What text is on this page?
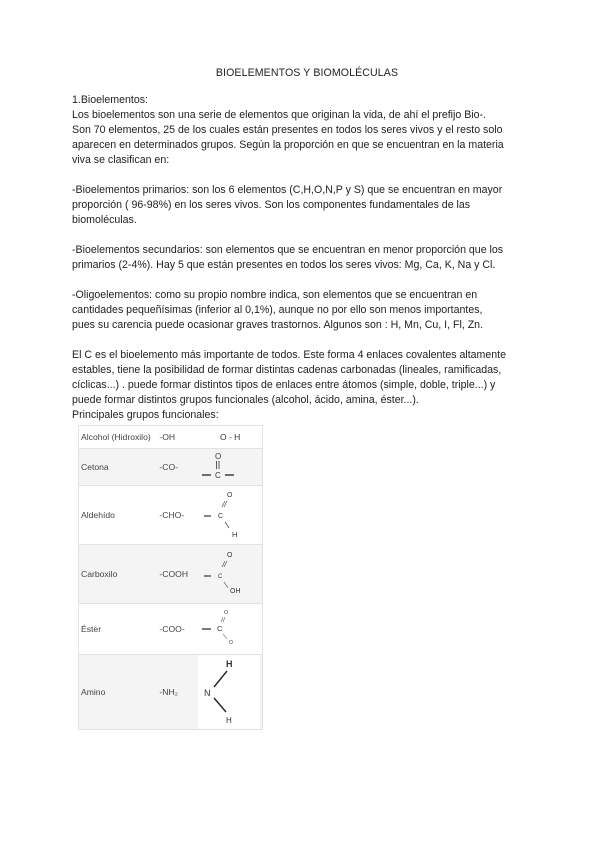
BIOELEMENTOS Y BIOMOLÉCULAS

1.Bioelementos:

Los bioelementos son una serie de elementos que originan la vida, de ahí el prefijo Bio-.

Son 70 elementos, 25 de los cuales están presentes en todos los seres vivos y el resto solo

aparecen en determinados grupos. Según la proporción en que se encuentran en la materia

viva se clasifican en:

-Bioelementos primarios: son los 6 elementos (C,H,O,N,P y S) que se encuentran en mayor

proporción ( 96-98%) en los seres vivos. Son los componentes fundamentales de las

biomoléculas.

-Bioelementos secundarios: son elementos que se encuentran en menor proporción que los

primarios (2-4%). Hay 5 que están presentes en todos los seres vivos: Mg, Ca, K, Na y Cl.

-Oligoelementos: como su propio nombre indica, son elementos que se encuentran en

cantidades pequeñísimas (inferior al 0,1%), aunque no por ello son menos importantes,

pues su carencia puede ocasionar graves trastornos. Algunos son : H, Mn, Cu, I, Fl, Zn.

El C es el bioelemento más importante de todos. Este forma 4 enlaces covalentes altamente

estables, tiene la posibilidad de formar distintas cadenas carbonadas (lineales, ramificadas,

cíclicas...) . puede formar distintos tipos de enlaces entre átomos (simple, doble, triple...) y

puede formar distintos grupos funcionales (alcohol, ácido, amina, éster...).

Principales grupos funcionales:

Alcohol (Hidroxilo)	-OH	O - H

Cetona	-CO-	O
C

Aldehído	-CHO-	O
C
H

Carboxilo	-COOH	O
C
OH

Éster	-COO-	O
C
O

Amino	-NH₂	H
N
H
